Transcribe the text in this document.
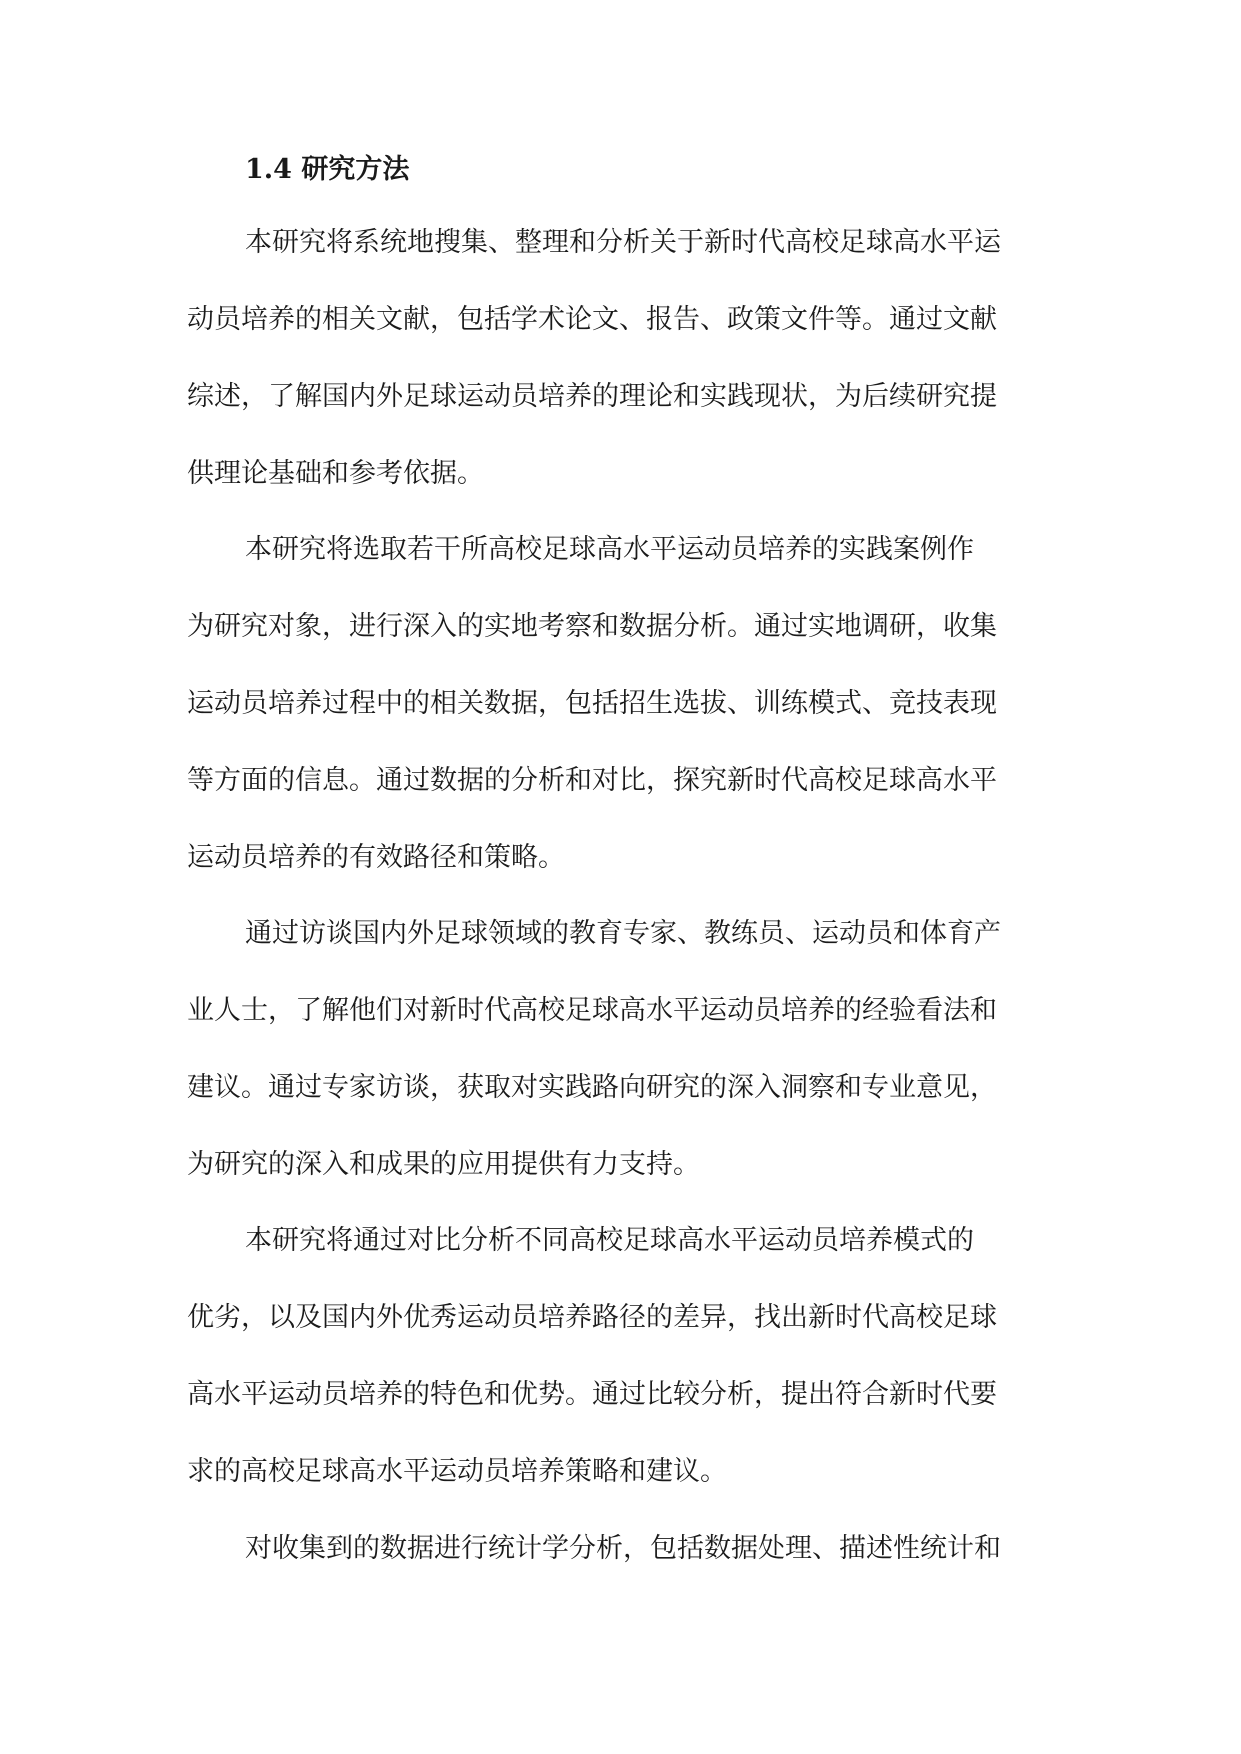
1.4 研究方法
本研究将系统地搜集、整理和分析关于新时代高校足球高水平运
动员培养的相关文献，包括学术论文、报告、政策文件等。通过文献
综述，了解国内外足球运动员培养的理论和实践现状，为后续研究提
供理论基础和参考依据。
本研究将选取若干所高校足球高水平运动员培养的实践案例作
为研究对象，进行深入的实地考察和数据分析。通过实地调研，收集
运动员培养过程中的相关数据，包括招生选拔、训练模式、竞技表现
等方面的信息。通过数据的分析和对比，探究新时代高校足球高水平
运动员培养的有效路径和策略。
通过访谈国内外足球领域的教育专家、教练员、运动员和体育产
业人士，了解他们对新时代高校足球高水平运动员培养的经验看法和
建议。通过专家访谈，获取对实践路向研究的深入洞察和专业意见，
为研究的深入和成果的应用提供有力支持。
本研究将通过对比分析不同高校足球高水平运动员培养模式的
优劣，以及国内外优秀运动员培养路径的差异，找出新时代高校足球
高水平运动员培养的特色和优势。通过比较分析，提出符合新时代要
求的高校足球高水平运动员培养策略和建议。
对收集到的数据进行统计学分析，包括数据处理、描述性统计和
